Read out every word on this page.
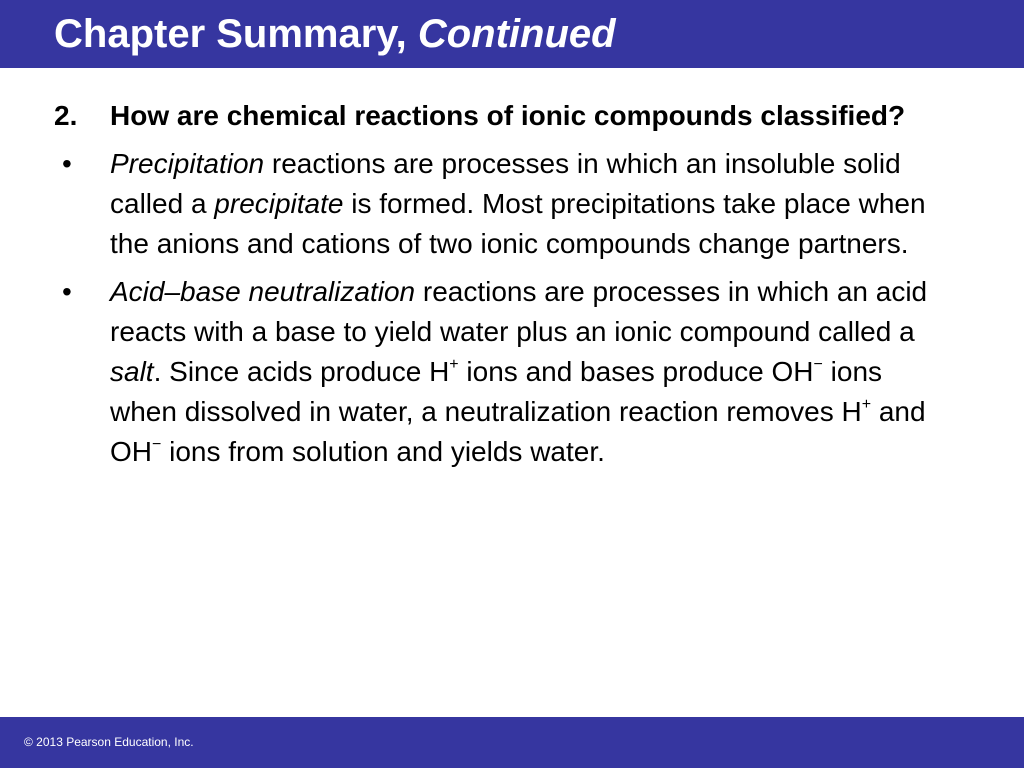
Chapter Summary, Continued
2.	How are chemical reactions of ionic compounds classified?
•	Precipitation reactions are processes in which an insoluble solid called a precipitate is formed. Most precipitations take place when the anions and cations of two ionic compounds change partners.
•	Acid–base neutralization reactions are processes in which an acid reacts with a base to yield water plus an ionic compound called a salt. Since acids produce H+ ions and bases produce OH− ions when dissolved in water, a neutralization reaction removes H+ and OH− ions from solution and yields water.
© 2013 Pearson Education, Inc.
